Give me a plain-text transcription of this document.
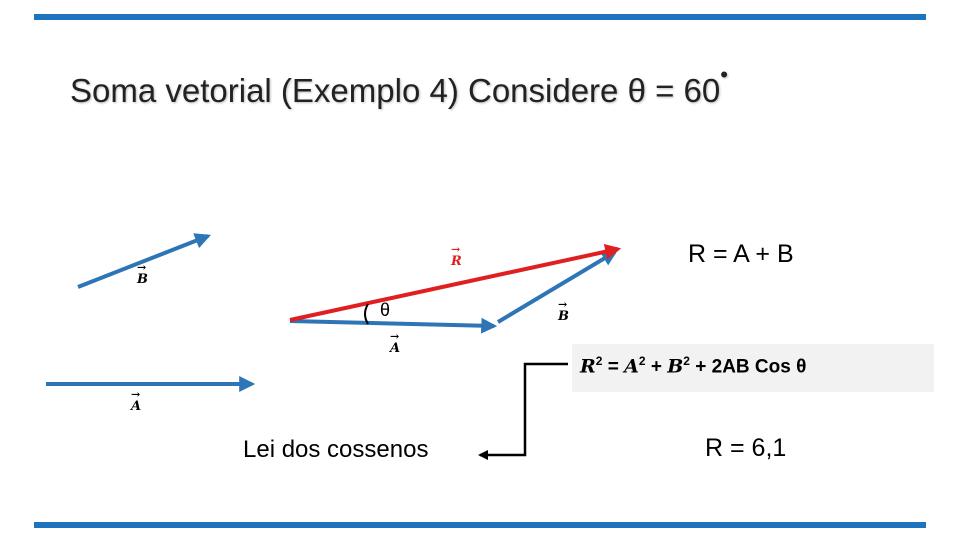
Soma vetorial (Exemplo 4) Considere θ = 60•
→
B
→
A
→
R
→
A
→
B
θ
R = A + B
Lei dos cossenos	R = 6,1
$R^2 = A^2 + B^2 + 2AB$ Cos θ
